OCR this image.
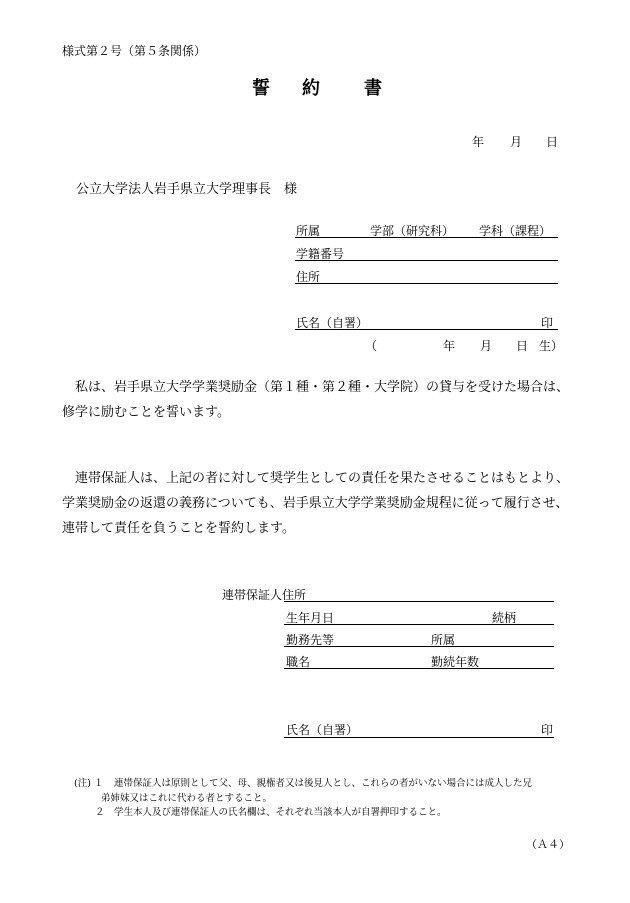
様式第２号（第５条関係）
誓 約 書
年 月 日
公立大学法人岩手県立大学理事長　様
所属	学部（研究科） 学科（課程）
学籍番号
住所
氏名（自署）	印
（	年 月 日 生）
　私は、岩手県立大学学業奨励金（第１種・第２種・大学院）の貸与を受けた場合は、
修学に励むことを誓います。
　連帯保証人は、上記の者に対して奨学生としての責任を果たさせることはもとより、
学業奨励金の返還の義務についても、岩手県立大学学業奨励金規程に従って履行させ、
連帯して責任を負うことを誓約します。
連帯保証人住所
生年月日	続柄
勤務先等	所属
職名	勤続年数
氏名（自署）	印
(注) １ 連帯保証人は原則として父、母、親権者又は後見人とし、これらの者がいない場合には成人した兄
弟姉妹又はこれに代わる者とすること。
２ 学生本人及び連帯保証人の氏名欄は、それぞれ当該本人が自署押印すること。
（Ａ４）
